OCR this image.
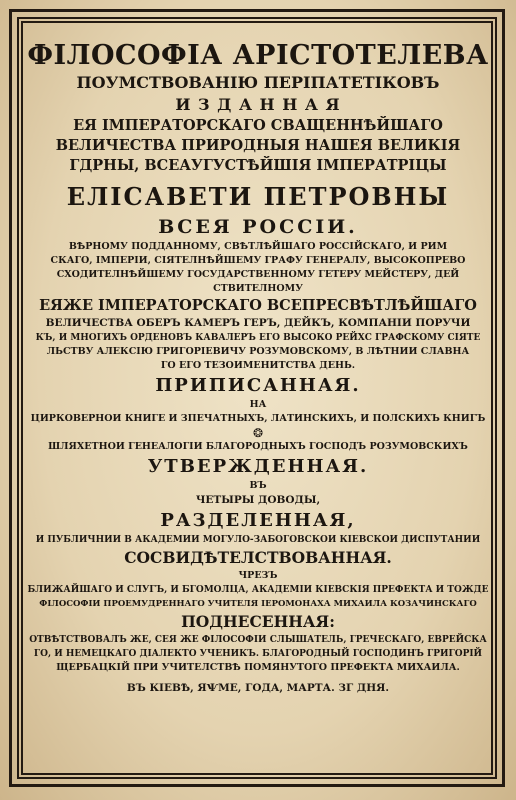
ФІЛОСОФІА АРІСТОТЕЛЕВА
ПОУМСТВОВАНІЮ ПЕРІПАТЕТІКОВЪ
И З Д А Н Н А Я
ЕЯ ІМПЕРАТОРСКАГО СВАЩЕННѢЙШАГО
ВЕЛИЧЕСТВА ПРИРОДНЫЯ НАШЕЯ ВЕЛИКІЯ
ГДРНЫ, ВСЕАУГУСТѢЙШІЯ ІМПЕРАТРІЦЫ
ЕЛІСАВЕТИ ПЕТРОВНЫ
ВСЕЯ РОССІИ.
ВѢРНОМУ ПОДДАННОМУ, СВѢТЛѢЙШАГО РОССІЙСКАГО, И РИМ
СКАГО, ІМПЕРІИ, СІЯТЕЛНѢЙШЕМУ ГРАФУ ГЕНЕРАЛУ, ВЫСОКОПРЕВО
СХОДИТЕЛНѢЙШЕМУ ГОСУДАРСТВЕННОМУ ГЕТЕРУ МЕЙСТЕРУ, ДЕЙ
СТВИТЕЛНОМУ
ЕЯЖЕ ІМПЕРАТОРСКАГО ВСЕПРЕСВѢТЛѢЙШАГО
ВЕЛИЧЕСТВА ОБЕРЪ КАМЕРЪ ГЕРЪ, ДЕЙКЪ, КОМПАНІИ ПОРУЧИ
КЪ, И МНОГИХЪ ОРДЕНОВЪ КАВАЛЕРЪ ЕГО ВЫСОКО РЕЙХС ГРАФСКОМУ СІЯТЕ
ЛЬСТВУ АЛЕКСІЮ ГРИГОРІЕВИЧУ РОЗУМОВСКОМУ, В ЛѢТНИИ СЛАВНА
ГО ЕГО ТЕЗОИМЕНИТСТВА ДЕНЬ.
ПРИПИСАННАЯ.
НА
ЦИРКОВЕРНОИ КНИГЕ И ЗПЕЧАТНЫХЪ, ЛАТИНСКИХЪ, И ПОЛСКИХЪ КНИГЪ
❂
ШЛЯХЕТНОИ ГЕНЕАЛОГІИ БЛАГОРОДНЫХЪ ГОСПОДЪ РОЗУМОВСКИХЪ
УТВЕРЖДЕННАЯ.
ВЪ
ЧЕТЫРЫ ДОВОДЫ,
РАЗДЕЛЕННАЯ,
И ПУБЛИЧНИИ В АКАДЕМИИ МОГУЛО-ЗАБОГОВСКОИ КІЕВСКОИ ДИСПУТАНИИ
СОСВИДѢТЕЛСТВОВАННАЯ.
ЧРЕЗЪ
БЛИЖАЙШАГО И СЛУГЪ, И БГОМОЛЦА, АКАДЕМІИ КІЕВСКІЯ ПРЕФЕКТА И ТОЖДЕ
ФІЛОСОФІИ ПРОЕМУДРЕННАГО УЧИТЕЛЯ ІЕРОМОНАХА МИХАИЛА КОЗАЧИНСКАГО
ПОДНЕСЕННАЯ:
ОТВѢТСТВОВАЛЪ ЖЕ, СЕЯ ЖЕ ФІЛОСОФІИ СЛЫШАТЕЛЬ, ГРЕЧЕСКАГО, ЕВРЕЙСКА
ГО, И НЕМЕЦКАГО ДІАЛЕКТО УЧЕНИКЪ. БЛАГОРОДНЫЙ ГОСПОДИНЪ ГРИГОРІЙ
ЩЕРБАЦКІЙ ПРИ УЧИТЕЛСТВѢ ПОМЯНУТОГО ПРЕФЕКТА МИХАИЛА.
ВЪ КІЕВѢ, ЯѰМЕ, ГОДА, МАРТА. ЗГ ДНЯ.
